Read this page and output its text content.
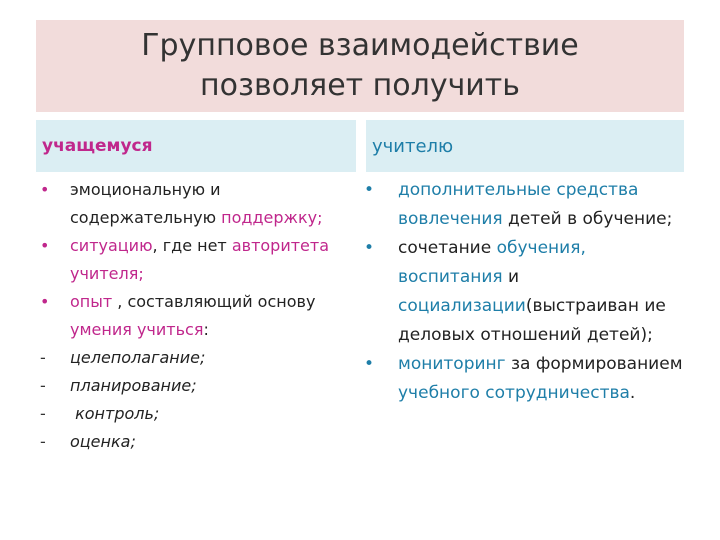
Групповое взаимодействие
позволяет получить
учащемуся	учителю
•	эмоциональную и содержательную поддержку;
•	ситуацию, где нет авторитета учителя;
•	опыт , составляющий основу умения учиться:
-	целеполагание;
-	планирование;
-	контроль;
-	оценка;
•	дополнительные средства вовлечения детей в обучение;
•	сочетание обучения, воспитания и социализации(выстраиван ие деловых отношений детей);
•	мониторинг за формированием учебного сотрудничества.
